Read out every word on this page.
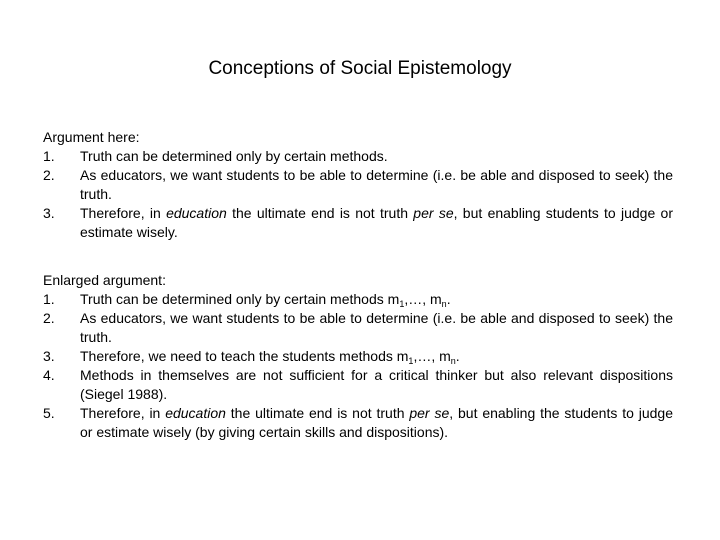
Conceptions of Social Epistemology
Argument here:
1. Truth can be determined only by certain methods.
2. As educators, we want students to be able to determine (i.e. be able and disposed to seek) the truth.
3. Therefore, in education the ultimate end is not truth per se, but enabling students to judge or estimate wisely.
Enlarged argument:
1. Truth can be determined only by certain methods $m_1,\dots$, $m_n$.
2. As educators, we want students to be able to determine (i.e. be able and disposed to seek) the truth.
3. Therefore, we need to teach the students methods $m_1,\dots$, $m_n$.
4. Methods in themselves are not sufficient for a critical thinker but also relevant dispositions (Siegel 1988).
5. Therefore, in education the ultimate end is not truth per se, but enabling the students to judge or estimate wisely (by giving certain skills and dispositions).
